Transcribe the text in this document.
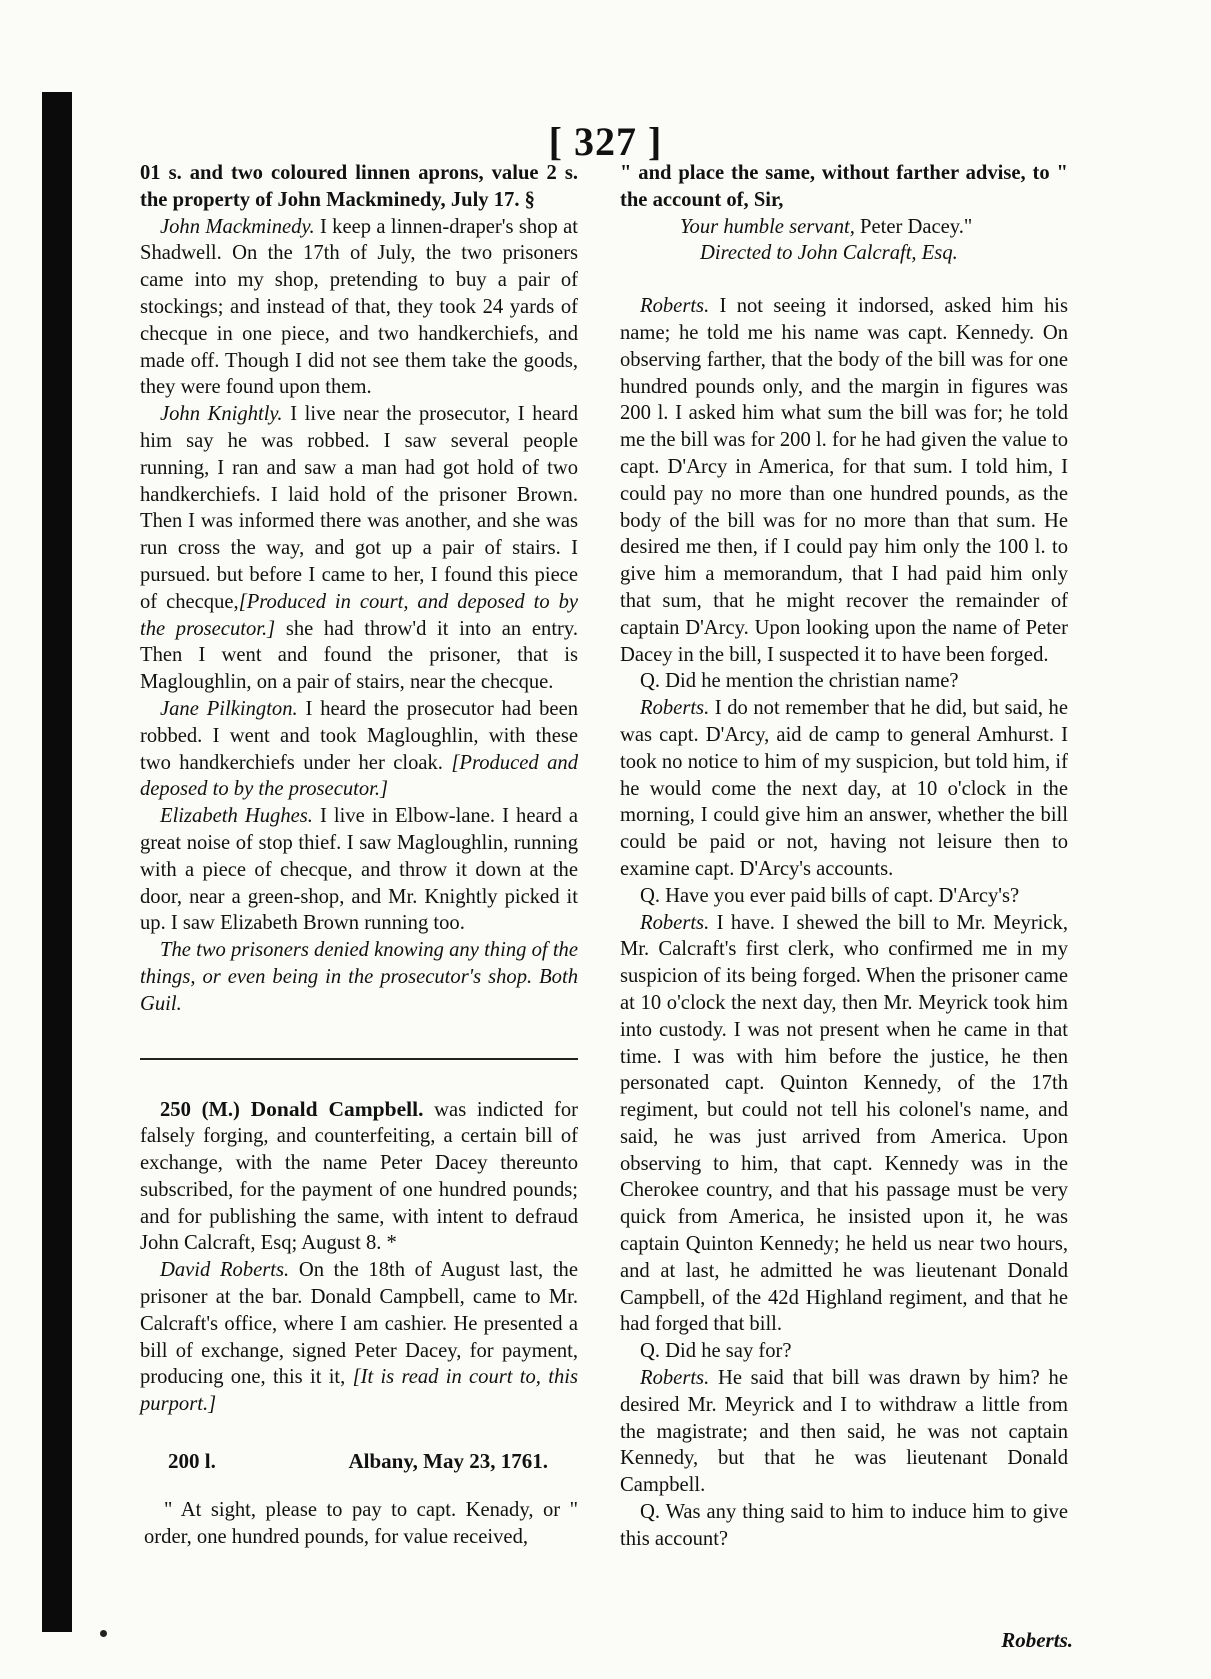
[ 327 ]

01 s. and two coloured linnen aprons, value 2 s. the property of John Mackminedy, July 17. §

John Mackminedy. I keep a linnen-draper's shop at Shadwell. On the 17th of July, the two prisoners came into my shop, pretending to buy a pair of stockings; and instead of that, they took 24 yards of checque in one piece, and two handkerchiefs, and made off. Though I did not see them take the goods, they were found upon them.

John Knightly. I live near the prosecutor, I heard him say he was robbed. I saw several people running, I ran and saw a man had got hold of two handkerchiefs. I laid hold of the prisoner Brown. Then I was informed there was another, and she was run cross the way, and got up a pair of stairs. I pursued. but before I came to her, I found this piece of checque,[Produced in court, and deposed to by the prosecutor.] she had throw'd it into an entry. Then I went and found the prisoner, that is Magloughlin, on a pair of stairs, near the checque.

Jane Pilkington. I heard the prosecutor had been robbed. I went and took Magloughlin, with these two handkerchiefs under her cloak. [Produced and deposed to by the prosecutor.]

Elizabeth Hughes. I live in Elbow-lane. I heard a great noise of stop thief. I saw Magloughlin, running with a piece of checque, and throw it down at the door, near a green-shop, and Mr. Knightly picked it up. I saw Elizabeth Brown running too.

The two prisoners denied knowing any thing of the things, or even being in the prosecutor's shop. Both Guil.

250 (M.) Donald Campbell. was indicted for falsely forging, and counterfeiting, a certain bill of exchange, with the name Peter Dacey thereunto subscribed, for the payment of one hundred pounds; and for publishing the same, with intent to defraud John Calcraft, Esq; August 8. *

David Roberts. On the 18th of August last, the prisoner at the bar. Donald Campbell, came to Mr. Calcraft's office, where I am cashier. He presented a bill of exchange, signed Peter Dacey, for payment, producing one, this it it, [It is read in court to, this purport.]

200 l.	Albany, May 23, 1761.

" At sight, please to pay to capt. Kenady, or " order, one hundred pounds, for value received,

" and place the same, without farther advise, to " the account of, Sir,

Your humble servant, Peter Dacey."

Directed to John Calcraft, Esq.

Roberts. I not seeing it indorsed, asked him his name; he told me his name was capt. Kennedy. On observing farther, that the body of the bill was for one hundred pounds only, and the margin in figures was 200 l. I asked him what sum the bill was for; he told me the bill was for 200 l. for he had given the value to capt. D'Arcy in America, for that sum. I told him, I could pay no more than one hundred pounds, as the body of the bill was for no more than that sum. He desired me then, if I could pay him only the 100 l. to give him a memorandum, that I had paid him only that sum, that he might recover the remainder of captain D'Arcy. Upon looking upon the name of Peter Dacey in the bill, I suspected it to have been forged.

Q. Did he mention the christian name?

Roberts. I do not remember that he did, but said, he was capt. D'Arcy, aid de camp to general Amhurst. I took no notice to him of my suspicion, but told him, if he would come the next day, at 10 o'clock in the morning, I could give him an answer, whether the bill could be paid or not, having not leisure then to examine capt. D'Arcy's accounts.

Q. Have you ever paid bills of capt. D'Arcy's?

Roberts. I have. I shewed the bill to Mr. Meyrick, Mr. Calcraft's first clerk, who confirmed me in my suspicion of its being forged. When the prisoner came at 10 o'clock the next day, then Mr. Meyrick took him into custody. I was not present when he came in that time. I was with him before the justice, he then personated capt. Quinton Kennedy, of the 17th regiment, but could not tell his colonel's name, and said, he was just arrived from America. Upon observing to him, that capt. Kennedy was in the Cherokee country, and that his passage must be very quick from America, he insisted upon it, he was captain Quinton Kennedy; he held us near two hours, and at last, he admitted he was lieutenant Donald Campbell, of the 42d Highland regiment, and that he had forged that bill.

Q. Did he say for?

Roberts. He said that bill was drawn by him? he desired Mr. Meyrick and I to withdraw a little from the magistrate; and then said, he was not captain Kennedy, but that he was lieutenant Donald Campbell.

Q. Was any thing said to him to induce him to give this account?

Roberts.
